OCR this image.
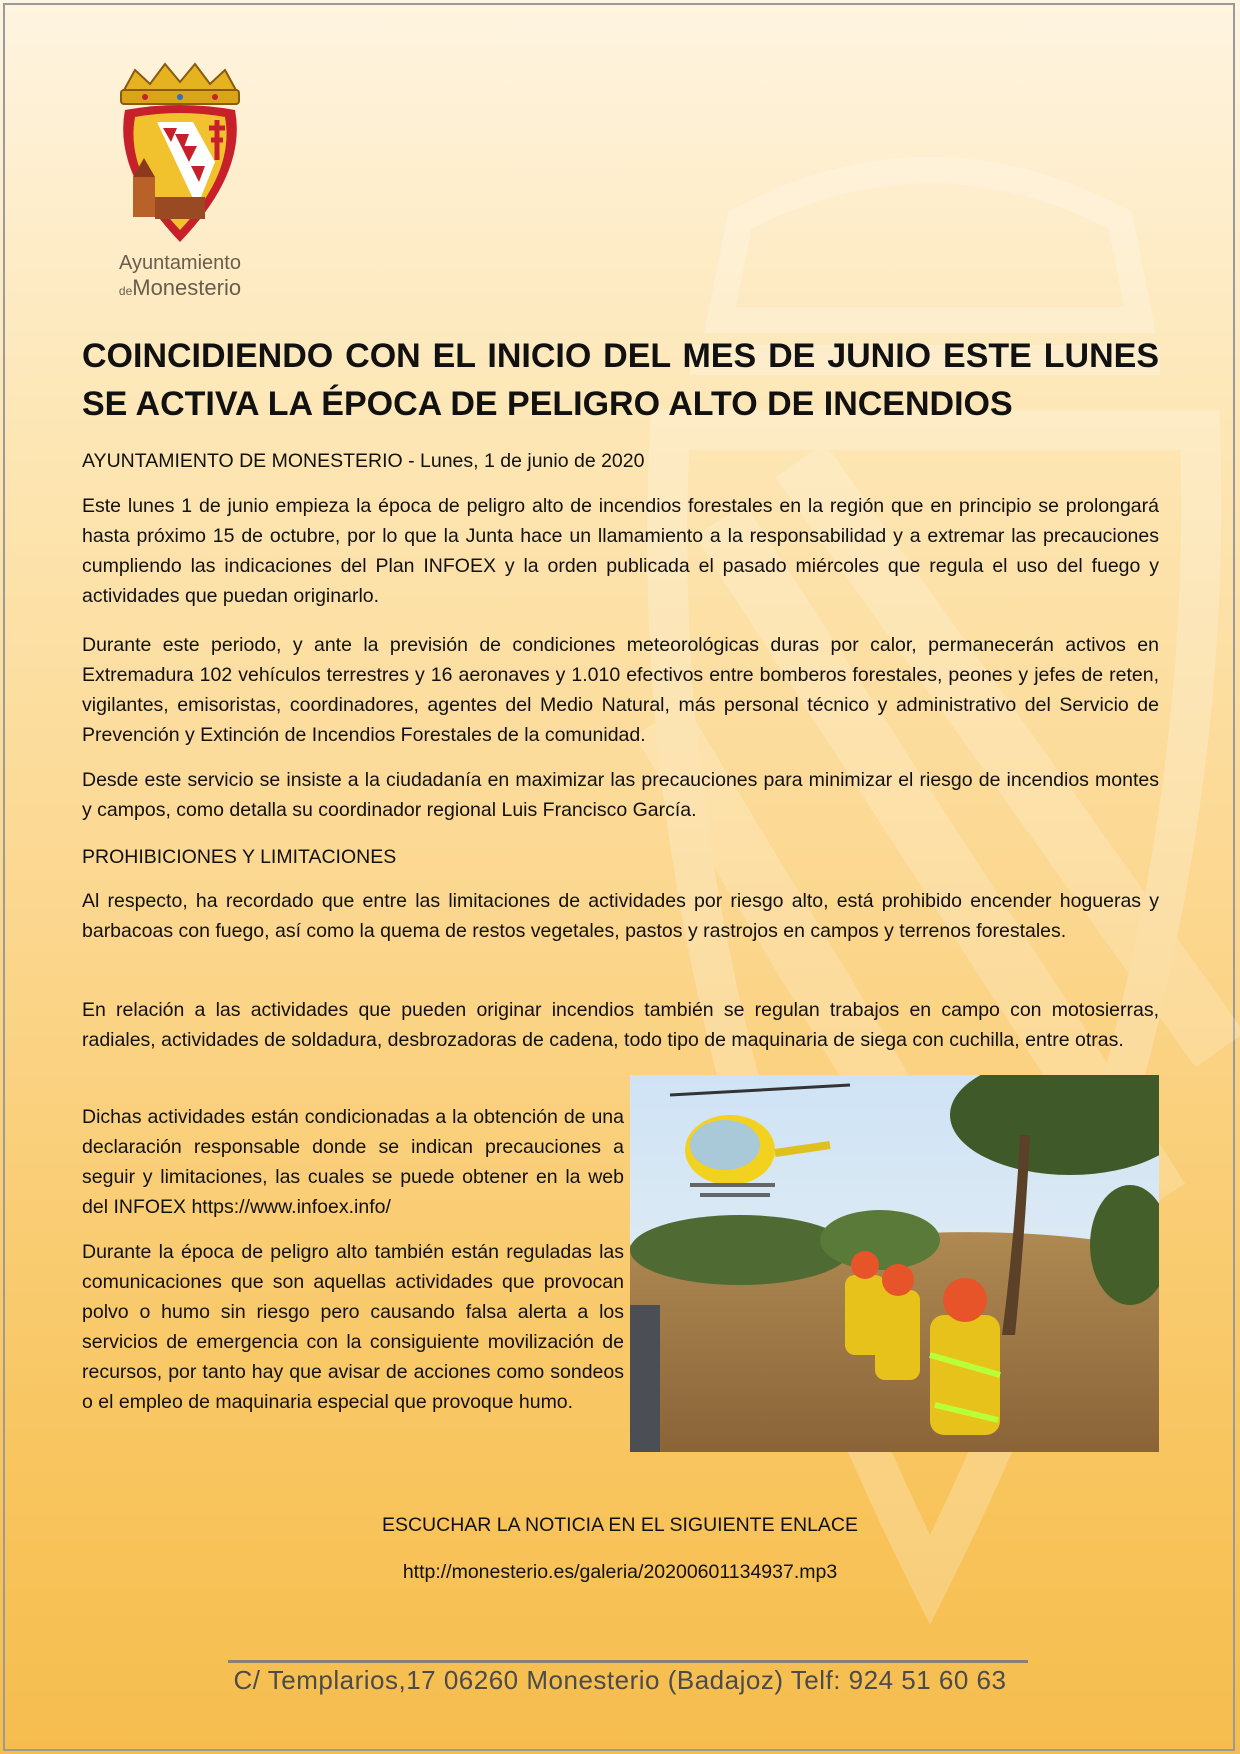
Ayuntamiento
deMonesterio
COINCIDIENDO CON EL INICIO DEL MES DE JUNIO ESTE LUNES SE ACTIVA LA ÉPOCA DE PELIGRO ALTO DE INCENDIOS

AYUNTAMIENTO DE MONESTERIO - Lunes, 1 de junio de 2020

Este lunes 1 de junio empieza la época de peligro alto de incendios forestales en la región que en principio se prolongará hasta próximo 15 de octubre, por lo que la Junta hace un llamamiento a la responsabilidad y a extremar las precauciones cumpliendo las indicaciones del Plan INFOEX y la orden publicada el pasado miércoles que regula el uso del fuego y actividades que puedan originarlo.

Durante este periodo, y ante la previsión de condiciones meteorológicas duras por calor, permanecerán activos en Extremadura 102 vehículos terrestres y 16 aeronaves y 1.010 efectivos entre bomberos forestales, peones y jefes de reten, vigilantes, emisoristas, coordinadores, agentes del Medio Natural, más personal técnico y administrativo del Servicio de Prevención y Extinción de Incendios Forestales de la comunidad.

Desde este servicio se insiste a la ciudadanía en maximizar las precauciones para minimizar el riesgo de incendios montes y campos, como detalla su coordinador regional Luis Francisco García.

PROHIBICIONES Y LIMITACIONES

Al respecto, ha recordado que entre las limitaciones de actividades por riesgo alto, está prohibido encender hogueras y barbacoas con fuego, así como la quema de restos vegetales, pastos y rastrojos en campos y terrenos forestales.

En relación a las actividades que pueden originar incendios también se regulan trabajos en campo con motosierras, radiales, actividades de soldadura, desbrozadoras de cadena, todo tipo de maquinaria de siega con cuchilla, entre otras.

Dichas actividades están condicionadas a la obtención de una declaración responsable donde se indican precauciones a seguir y limitaciones, las cuales se puede obtener en la web del INFOEX https://www.infoex.info/

Durante la época de peligro alto también están reguladas las comunicaciones que son aquellas actividades que provocan polvo o humo sin riesgo pero causando falsa alerta a los servicios de emergencia con la consiguiente movilización de recursos, por tanto hay que avisar de acciones como sondeos o el empleo de maquinaria especial que provoque humo.

ESCUCHAR LA NOTICIA EN EL SIGUIENTE ENLACE

http://monesterio.es/galeria/20200601134937.mp3

C/ Templarios,17 06260 Monesterio (Badajoz) Telf: 924 51 60 63
